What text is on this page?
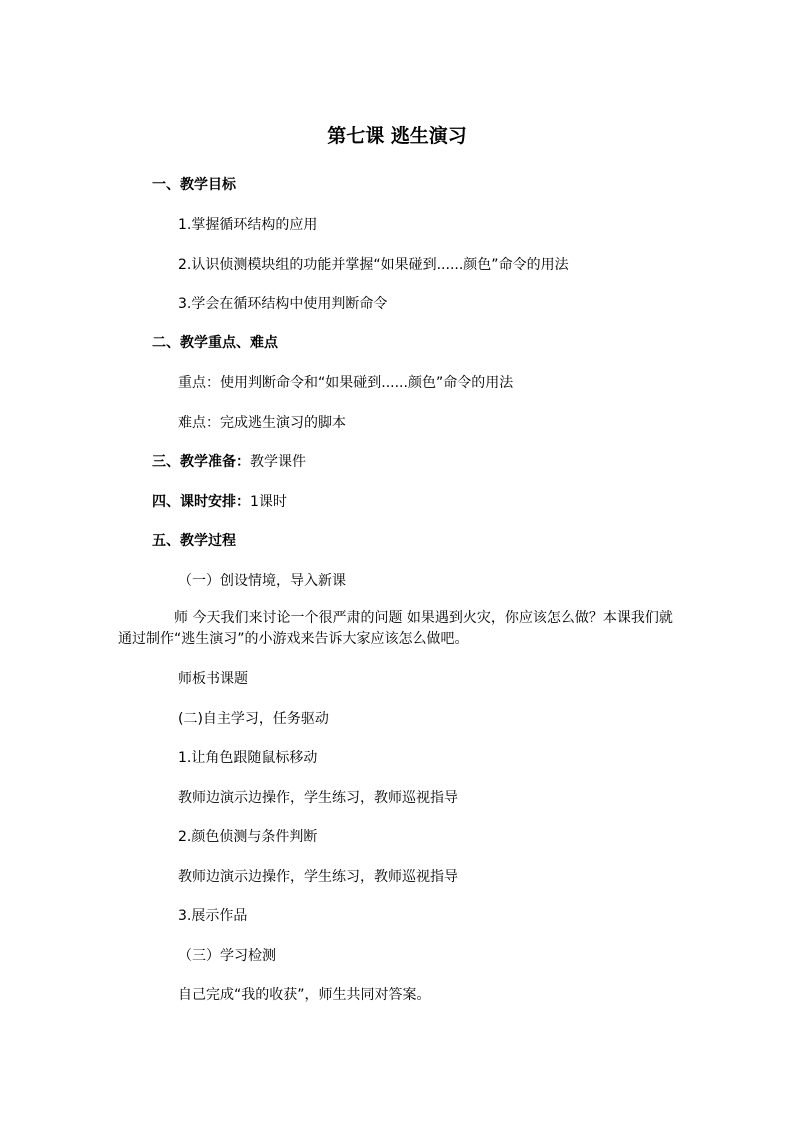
第七课 逃生演习
一、教学目标
1.掌握循环结构的应用
2.认识侦测模块组的功能并掌握“如果碰到......颜色”命令的用法
3.学会在循环结构中使用判断命令
二、教学重点、难点
重点：使用判断命令和“如果碰到......颜色”命令的用法
难点：完成逃生演习的脚本
三、教学准备：教学课件
四、课时安排：1课时
五、教学过程
（一）创设情境，导入新课
师 今天我们来讨论一个很严肃的问题 如果遇到火灾，你应该怎么做？本课我们就通过制作“逃生演习”的小游戏来告诉大家应该怎么做吧。
师板书课题
(二)自主学习，任务驱动
1.让角色跟随鼠标移动
教师边演示边操作，学生练习，教师巡视指导
2.颜色侦测与条件判断
教师边演示边操作，学生练习，教师巡视指导
3.展示作品
（三）学习检测
自己完成“我的收获”，师生共同对答案。
